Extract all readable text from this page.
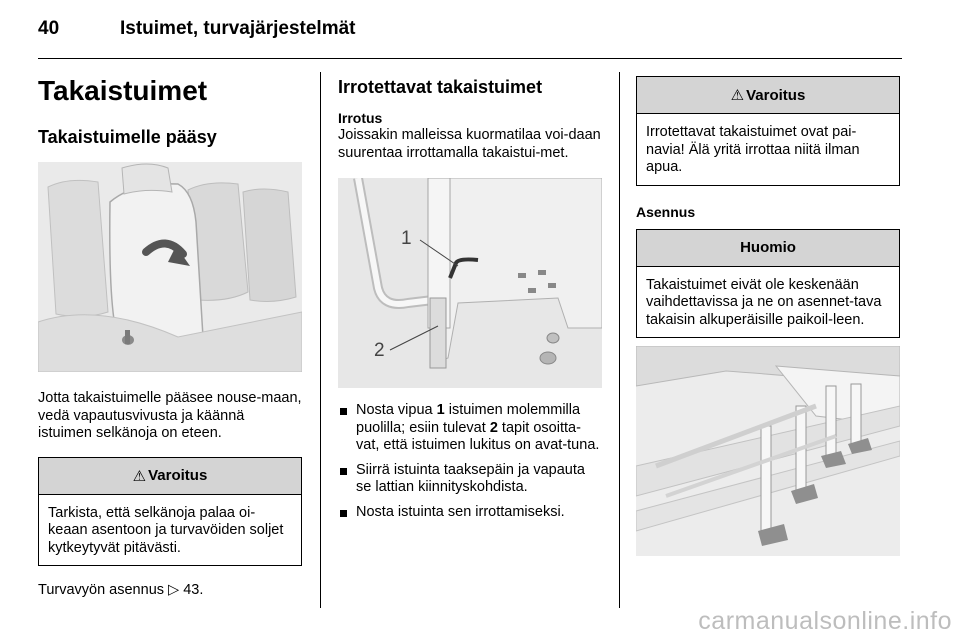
40	Istuimet, turvajärjestelmät
Takaistuimet
Takaistuimelle pääsy
Jotta takaistuimelle pääsee nouse-maan, vedä vapautusvivusta ja käännä istuimen selkänoja on eteen.
⚠ Varoitus
Tarkista, että selkänoja palaa oi-keaan asentoon ja turvavöiden soljet kytkeytyvät pitävästi.
Turvavyön asennus ▷ 43.
Irrotettavat takaistuimet
Irrotus
Joissakin malleissa kuormatilaa voi-daan suurentaa irrottamalla takaistui-met.
1
2
Nosta vipua 1 istuimen molemmilla puolilla; esiin tulevat 2 tapit osoitta-vat, että istuimen lukitus on avat-tuna.
Siirrä istuinta taaksepäin ja vapauta se lattian kiinnityskohdista.
Nosta istuinta sen irrottamiseksi.
⚠ Varoitus
Irrotettavat takaistuimet ovat pai-navia! Älä yritä irrottaa niitä ilman apua.
Asennus
Huomio
Takaistuimet eivät ole keskenään vaihdettavissa ja ne on asennet-tava takaisin alkuperäisille paikoil-leen.
carmanualsonline.info
